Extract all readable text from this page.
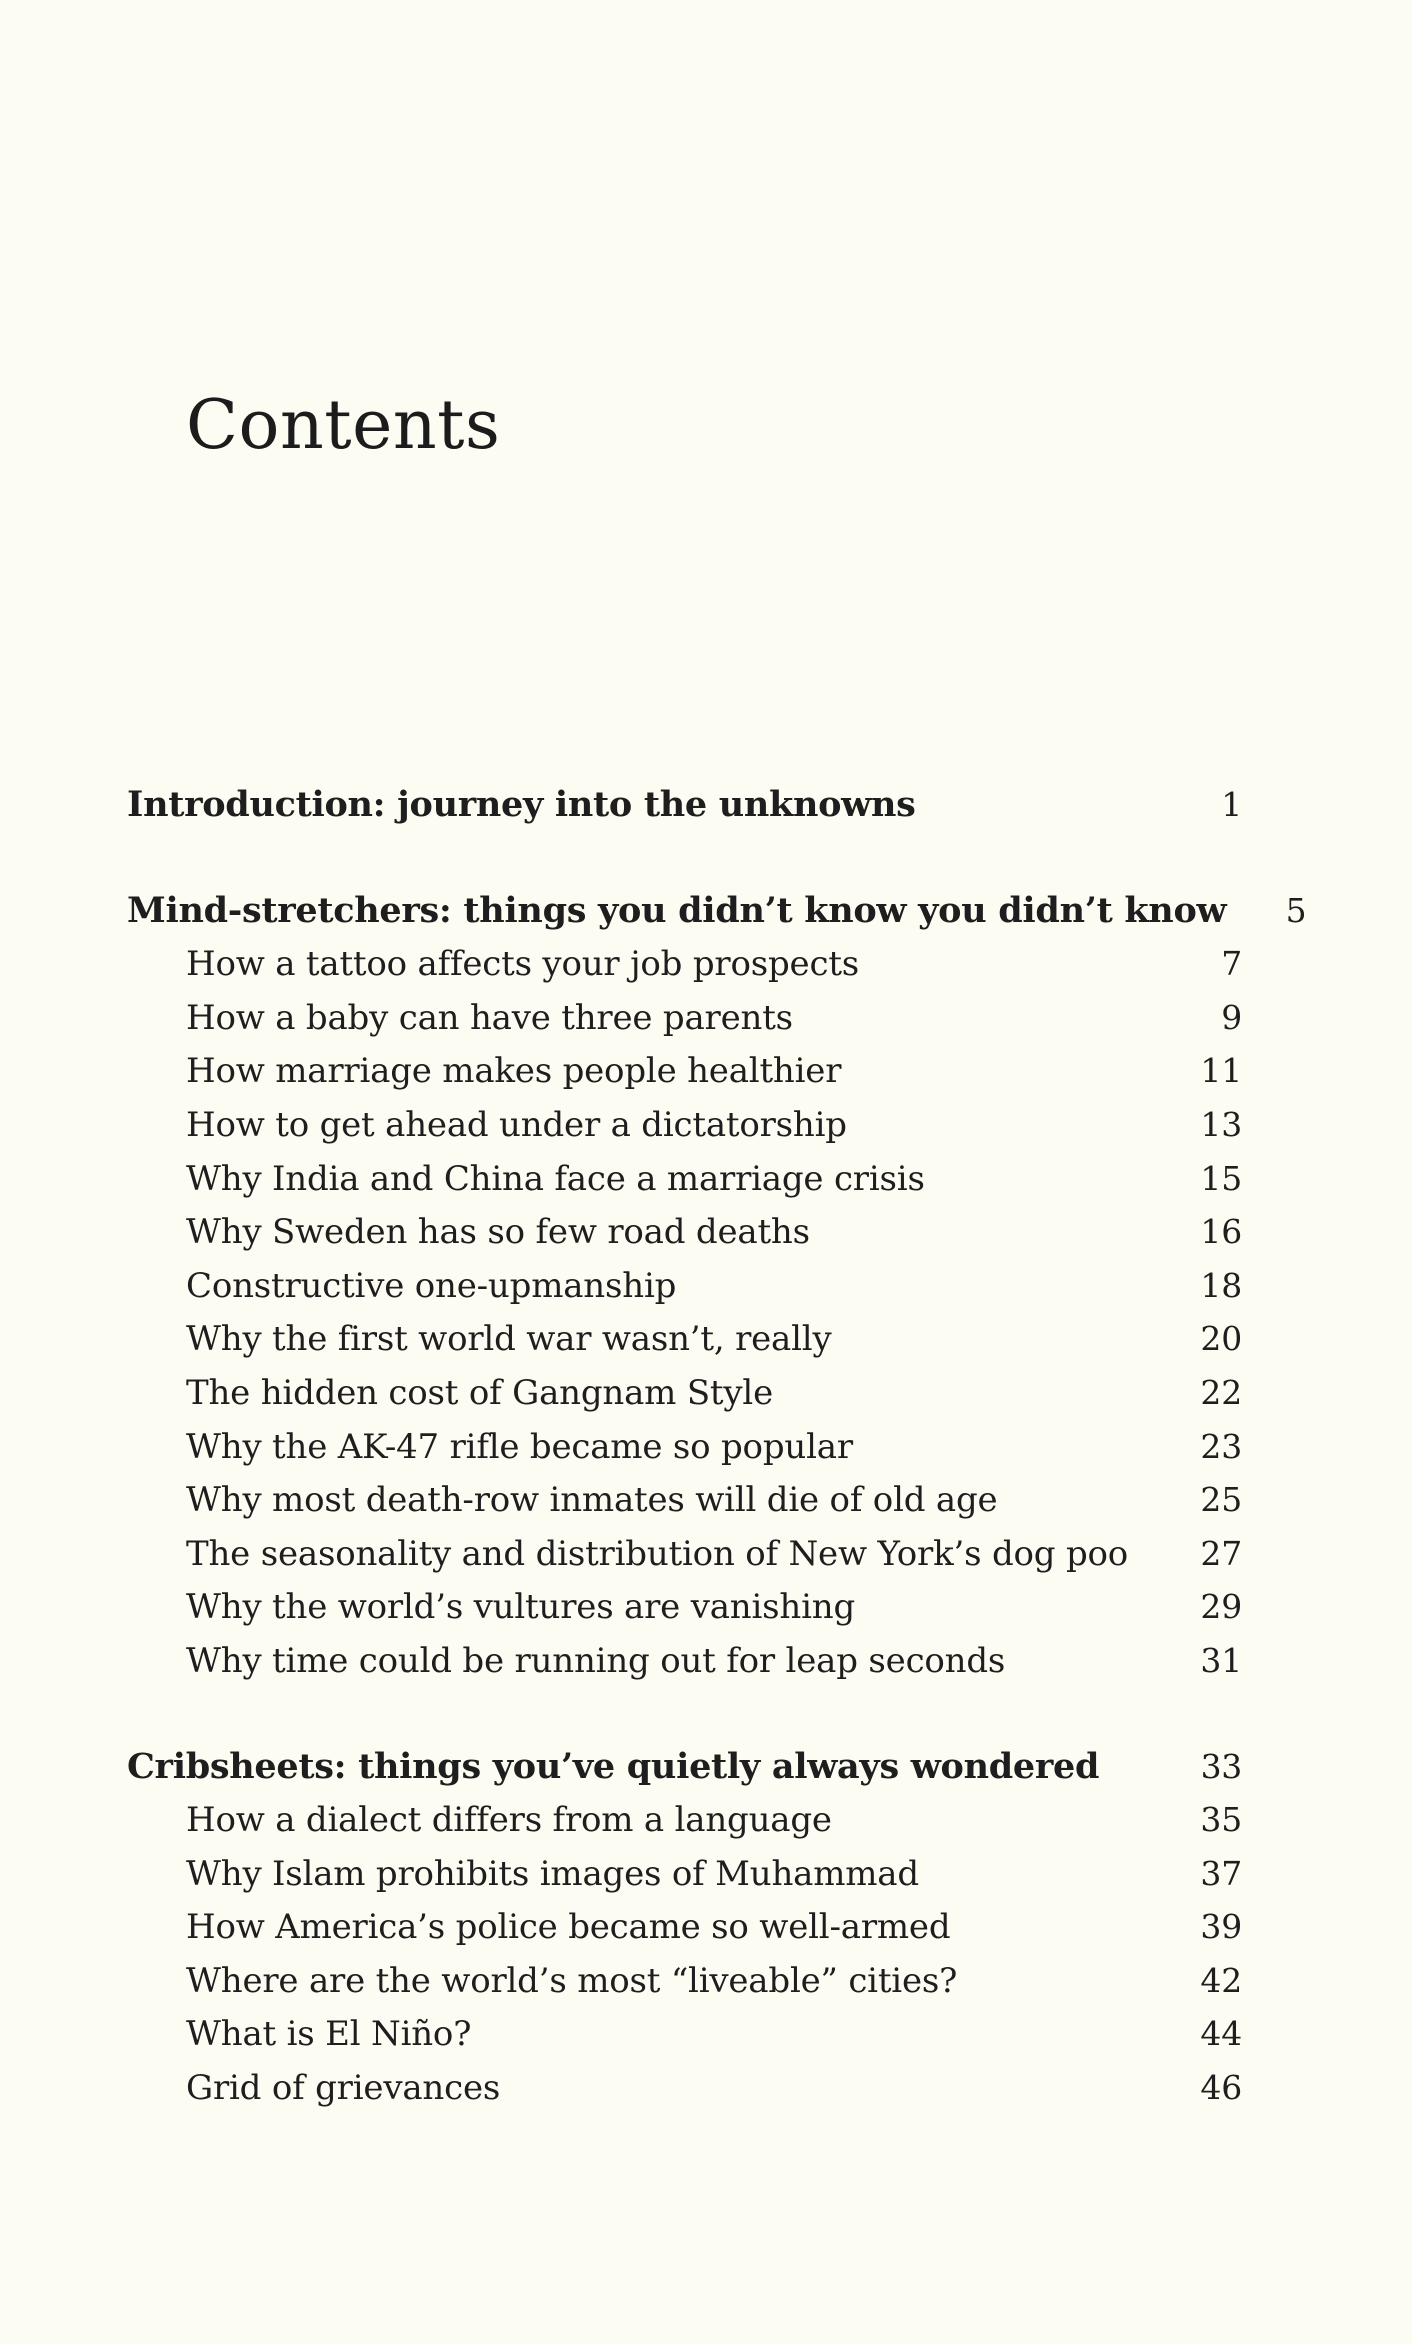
Contents
Introduction: journey into the unknowns	1
Mind-stretchers: things you didn’t know you didn’t know	5
How a tattoo affects your job prospects	7
How a baby can have three parents	9
How marriage makes people healthier	11
How to get ahead under a dictatorship	13
Why India and China face a marriage crisis	15
Why Sweden has so few road deaths	16
Constructive one-upmanship	18
Why the first world war wasn’t, really	20
The hidden cost of Gangnam Style	22
Why the AK-47 rifle became so popular	23
Why most death-row inmates will die of old age	25
The seasonality and distribution of New York’s dog poo	27
Why the world’s vultures are vanishing	29
Why time could be running out for leap seconds	31
Cribsheets: things you’ve quietly always wondered	33
How a dialect differs from a language	35
Why Islam prohibits images of Muhammad	37
How America’s police became so well-armed	39
Where are the world’s most “liveable” cities?	42
What is El Niño?	44
Grid of grievances	46
